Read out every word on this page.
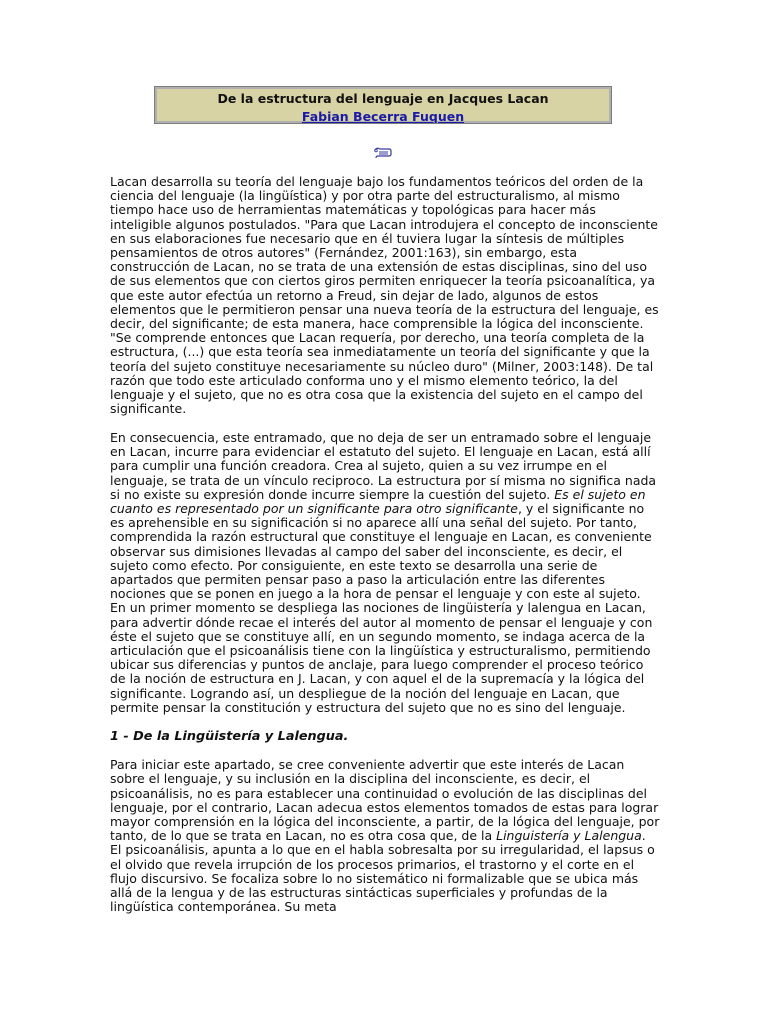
De la estructura del lenguaje en Jacques Lacan
Fabian Becerra Fuquen

Lacan desarrolla su teoría del lenguaje bajo los fundamentos teóricos del orden de la ciencia del lenguaje (la lingüística) y por otra parte del estructuralismo, al mismo tiempo hace uso de herramientas matemáticas y topológicas para hacer más inteligible algunos postulados. "Para que Lacan introdujera el concepto de inconsciente en sus elaboraciones fue necesario que en él tuviera lugar la síntesis de múltiples pensamientos de otros autores" (Fernández, 2001:163), sin embargo, esta construcción de Lacan, no se trata de una extensión de estas disciplinas, sino del uso de sus elementos que con ciertos giros permiten enriquecer la teoría psicoanalítica, ya que este autor efectúa un retorno a Freud, sin dejar de lado, algunos de estos elementos que le permitieron pensar una nueva teoría de la estructura del lenguaje, es decir, del significante; de esta manera, hace comprensible la lógica del inconsciente. "Se comprende entonces que Lacan requería, por derecho, una teoría completa de la estructura, (...) que esta teoría sea inmediatamente un teoría del significante y que la teoría del sujeto constituye necesariamente su núcleo duro" (Milner, 2003:148). De tal razón que todo este articulado conforma uno y el mismo elemento teórico, la del lenguaje y el sujeto, que no es otra cosa que la existencia del sujeto en el campo del significante.

En consecuencia, este entramado, que no deja de ser un entramado sobre el lenguaje en Lacan, incurre para evidenciar el estatuto del sujeto. El lenguaje en Lacan, está allí para cumplir una función creadora. Crea al sujeto, quien a su vez irrumpe en el lenguaje, se trata de un vínculo reciproco. La estructura por sí misma no significa nada si no existe su expresión donde incurre siempre la cuestión del sujeto. Es el sujeto en cuanto es representado por un significante para otro significante, y el significante no es aprehensible en su significación si no aparece allí una señal del sujeto. Por tanto, comprendida la razón estructural que constituye el lenguaje en Lacan, es conveniente observar sus dimisiones llevadas al campo del saber del inconsciente, es decir, el sujeto como efecto. Por consiguiente, en este texto se desarrolla una serie de apartados que permiten pensar paso a paso la articulación entre las diferentes nociones que se ponen en juego a la hora de pensar el lenguaje y con este al sujeto. En un primer momento se despliega las nociones de lingüistería y lalengua en Lacan, para advertir dónde recae el interés del autor al momento de pensar el lenguaje y con éste el sujeto que se constituye allí, en un segundo momento, se indaga acerca de la articulación que el psicoanálisis tiene con la lingüística y estructuralismo, permitiendo ubicar sus diferencias y puntos de anclaje, para luego comprender el proceso teórico de la noción de estructura en J. Lacan, y con aquel el de la supremacía y la lógica del significante. Logrando así, un despliegue de la noción del lenguaje en Lacan, que permite pensar la constitución y estructura del sujeto que no es sino del lenguaje.

1 - De la Lingüistería y Lalengua.

Para iniciar este apartado, se cree conveniente advertir que este interés de Lacan sobre el lenguaje, y su inclusión en la disciplina del inconsciente, es decir, el psicoanálisis, no es para establecer una continuidad o evolución de las disciplinas del lenguaje, por el contrario, Lacan adecua estos elementos tomados de estas para lograr mayor comprensión en la lógica del inconsciente, a partir, de la lógica del lenguaje, por tanto, de lo que se trata en Lacan, no es otra cosa que, de la Linguistería y Lalengua. El psicoanálisis, apunta a lo que en el habla sobresalta por su irregularidad, el lapsus o el olvido que revela irrupción de los procesos primarios, el trastorno y el corte en el flujo discursivo. Se focaliza sobre lo no sistemático ni formalizable que se ubica más allá de la lengua y de las estructuras sintácticas superficiales y profundas de la lingüística contemporánea. Su meta
